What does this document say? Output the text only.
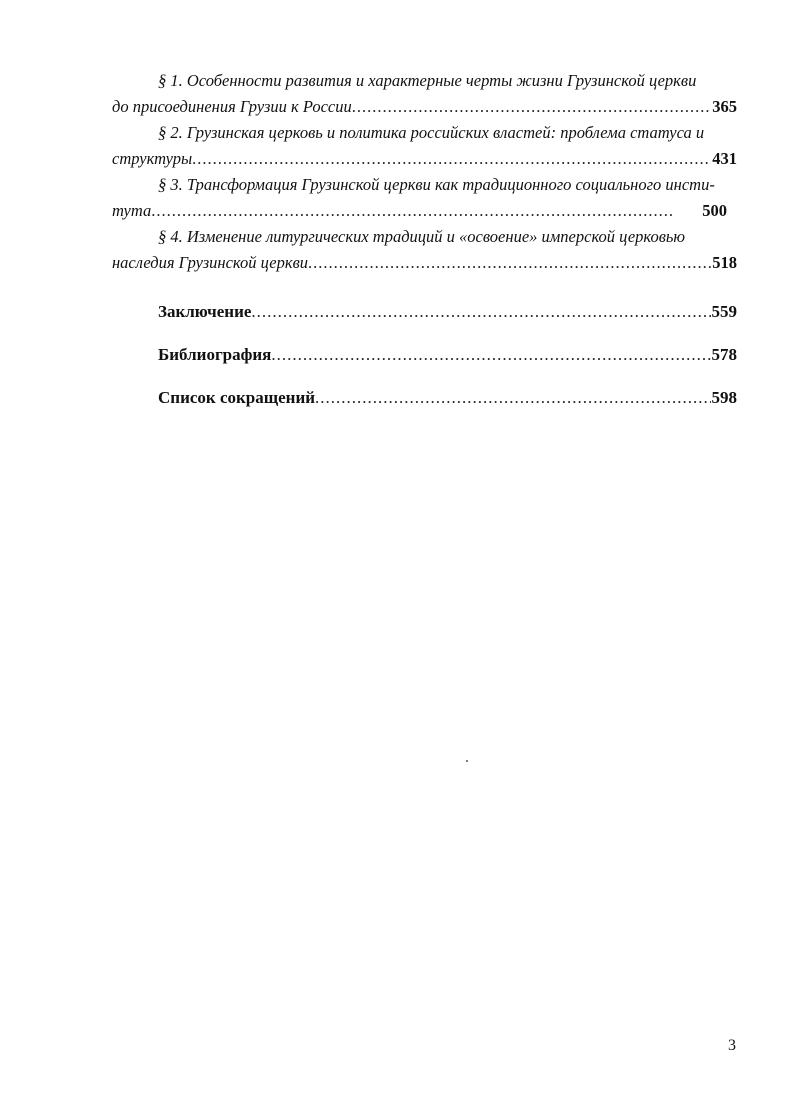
§ 1. Особенности развития и характерные черты жизни Грузинской церкви
до присоединения Грузии к России .....	365
§ 2. Грузинская церковь и политика российских властей: проблема статуса и
структуры .....	431
§ 3. Трансформация Грузинской церкви как традиционного социального инсти-
тута .....	500
§ 4. Изменение литургических традиций и «освоение» имперской церковью
наследия Грузинской церкви .....	518
Заключение .....	559
Библиография .....	578
Список сокращений .....	598
3
